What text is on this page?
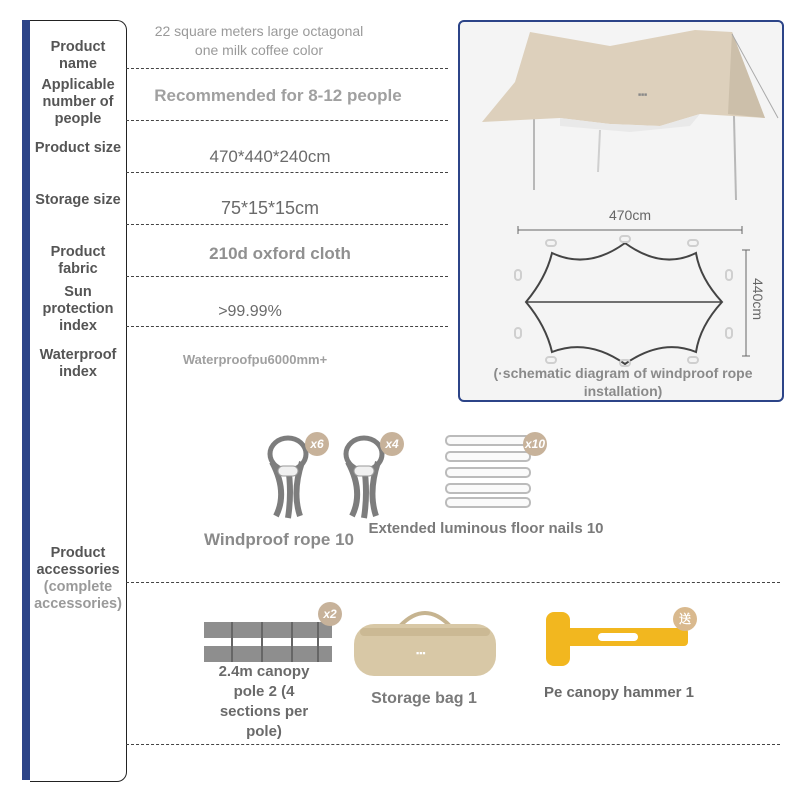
Product name
Applicable number of people
Product size
Storage size
Product fabric
Sun protection index
Waterproof index
Product accessories
(complete accessories)
22 square meters large octagonal one milk coffee color
Recommended for 8-12 people
470*440*240cm
75*15*15cm
210d oxford cloth
>99.99%
Waterproofpu6000mm+
■■■
470cm
440cm
(·schematic diagram of windproof rope installation)
x6	x4	x10
Windproof rope 10
Extended luminous floor nails 10
x2
2.4m canopy pole 2 (4 sections per pole)
▪▪▪
Storage bag 1
送
Pe canopy hammer 1
